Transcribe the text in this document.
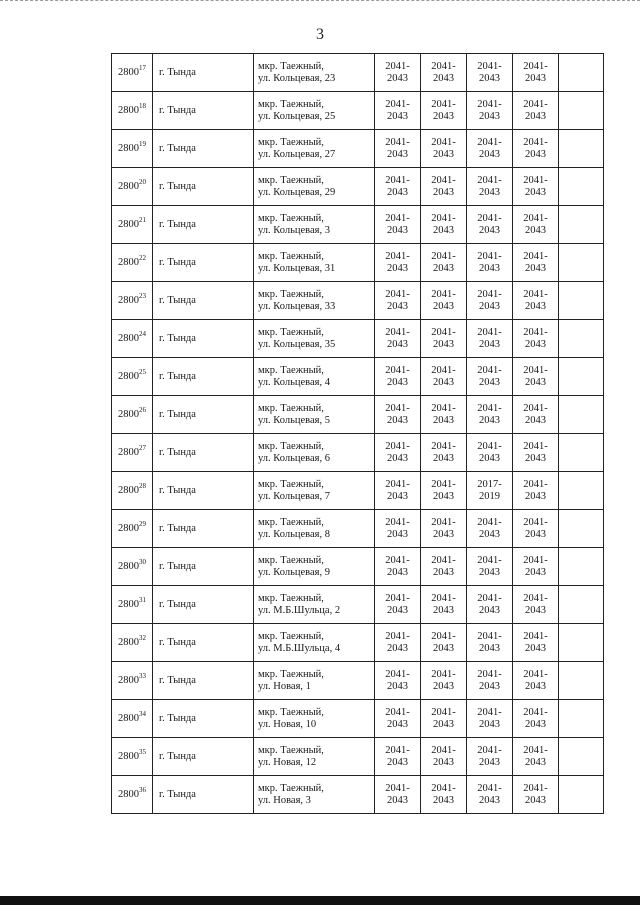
3
2800$^{17}$	г. Тында	мкр. Таежный,
ул. Кольцевая, 23	2041-
2043	2041-
2043	2041-
2043	2041-
2043	

2800$^{18}$	г. Тында	мкр. Таежный,
ул. Кольцевая, 25	2041-
2043	2041-
2043	2041-
2043	2041-
2043	

2800$^{19}$	г. Тында	мкр. Таежный,
ул. Кольцевая, 27	2041-
2043	2041-
2043	2041-
2043	2041-
2043	

2800$^{20}$	г. Тында	мкр. Таежный,
ул. Кольцевая, 29	2041-
2043	2041-
2043	2041-
2043	2041-
2043	

2800$^{21}$	г. Тында	мкр. Таежный,
ул. Кольцевая, 3	2041-
2043	2041-
2043	2041-
2043	2041-
2043	

2800$^{22}$	г. Тында	мкр. Таежный,
ул. Кольцевая, 31	2041-
2043	2041-
2043	2041-
2043	2041-
2043	

2800$^{23}$	г. Тында	мкр. Таежный,
ул. Кольцевая, 33	2041-
2043	2041-
2043	2041-
2043	2041-
2043	

2800$^{24}$	г. Тында	мкр. Таежный,
ул. Кольцевая, 35	2041-
2043	2041-
2043	2041-
2043	2041-
2043	

2800$^{25}$	г. Тында	мкр. Таежный,
ул. Кольцевая, 4	2041-
2043	2041-
2043	2041-
2043	2041-
2043	

2800$^{26}$	г. Тында	мкр. Таежный,
ул. Кольцевая, 5	2041-
2043	2041-
2043	2041-
2043	2041-
2043	

2800$^{27}$	г. Тында	мкр. Таежный,
ул. Кольцевая, 6	2041-
2043	2041-
2043	2041-
2043	2041-
2043	

2800$^{28}$	г. Тында	мкр. Таежный,
ул. Кольцевая, 7	2041-
2043	2041-
2043	2017-
2019	2041-
2043	

2800$^{29}$	г. Тында	мкр. Таежный,
ул. Кольцевая, 8	2041-
2043	2041-
2043	2041-
2043	2041-
2043	

2800$^{30}$	г. Тында	мкр. Таежный,
ул. Кольцевая, 9	2041-
2043	2041-
2043	2041-
2043	2041-
2043	

2800$^{31}$	г. Тында	мкр. Таежный,
ул. М.Б.Шульца, 2	2041-
2043	2041-
2043	2041-
2043	2041-
2043	

2800$^{32}$	г. Тында	мкр. Таежный,
ул. М.Б.Шульца, 4	2041-
2043	2041-
2043	2041-
2043	2041-
2043	

2800$^{33}$	г. Тында	мкр. Таежный,
ул. Новая, 1	2041-
2043	2041-
2043	2041-
2043	2041-
2043	

2800$^{34}$	г. Тында	мкр. Таежный,
ул. Новая, 10	2041-
2043	2041-
2043	2041-
2043	2041-
2043	

2800$^{35}$	г. Тында	мкр. Таежный,
ул. Новая, 12	2041-
2043	2041-
2043	2041-
2043	2041-
2043	

2800$^{36}$	г. Тында	мкр. Таежный,
ул. Новая, 3	2041-
2043	2041-
2043	2041-
2043	2041-
2043	
